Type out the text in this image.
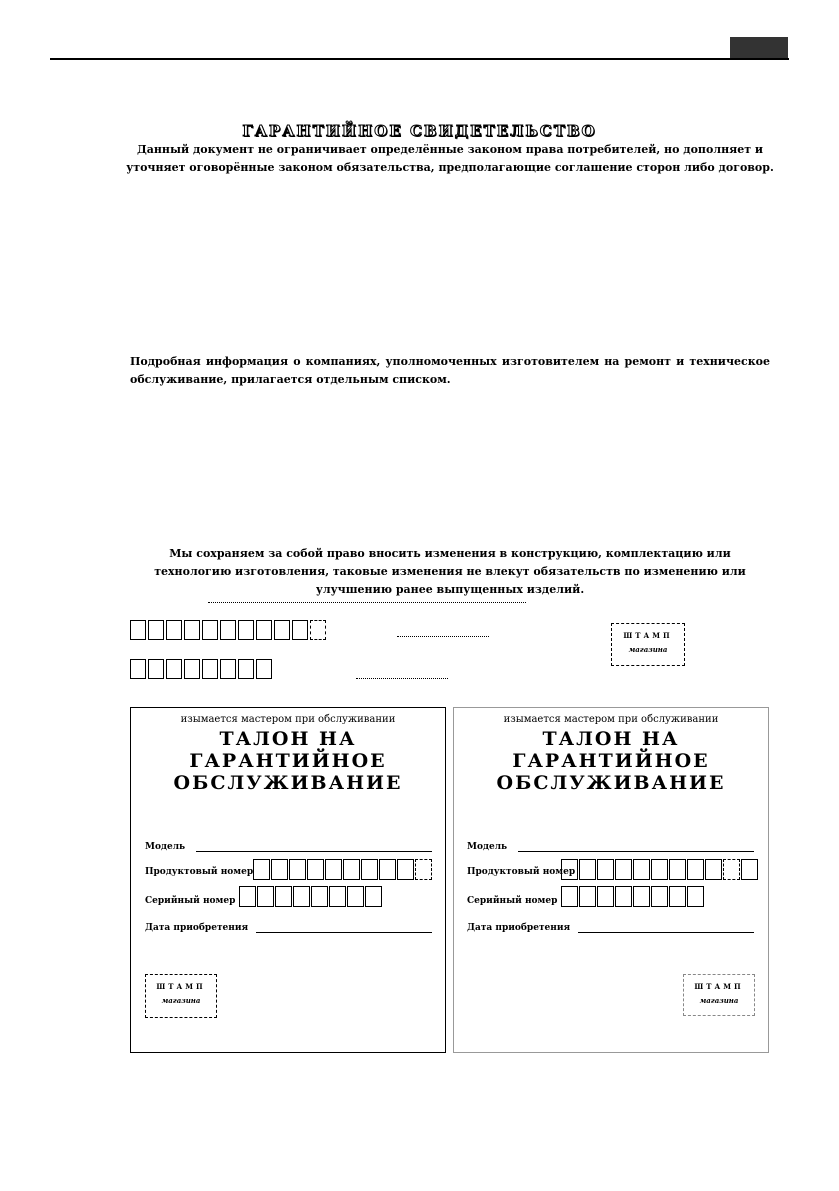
ГАРАНТИЙНОЕ СВИДЕТЕЛЬСТВО
Данный документ не ограничивает определённые законом права потребителей, но дополняет и уточняет оговорённые законом обязательства, предполагающие соглашение сторон либо договор.
Подробная информация о компаниях, уполномоченных изготовителем на ремонт и техническое обслуживание, прилагается отдельным списком.
Мы сохраняем за собой право вносить изменения в конструкцию, комплектацию или технологию изготовления, таковые изменения не влекут обязательств по изменению или улучшению ранее выпущенных изделий.
ШТАМП
магазина
изымается мастером при обслуживании
ТАЛОН НА ГАРАНТИЙНОЕ
ОБСЛУЖИВАНИЕ
Модель
Продуктовый номер
Серийный номер
Дата приобретения
ШТАМП
магазина
изымается мастером при обслуживании
ТАЛОН НА ГАРАНТИЙНОЕ
ОБСЛУЖИВАНИЕ
Модель
Продуктовый номер
Серийный номер
Дата приобретения
ШТАМП
магазина
